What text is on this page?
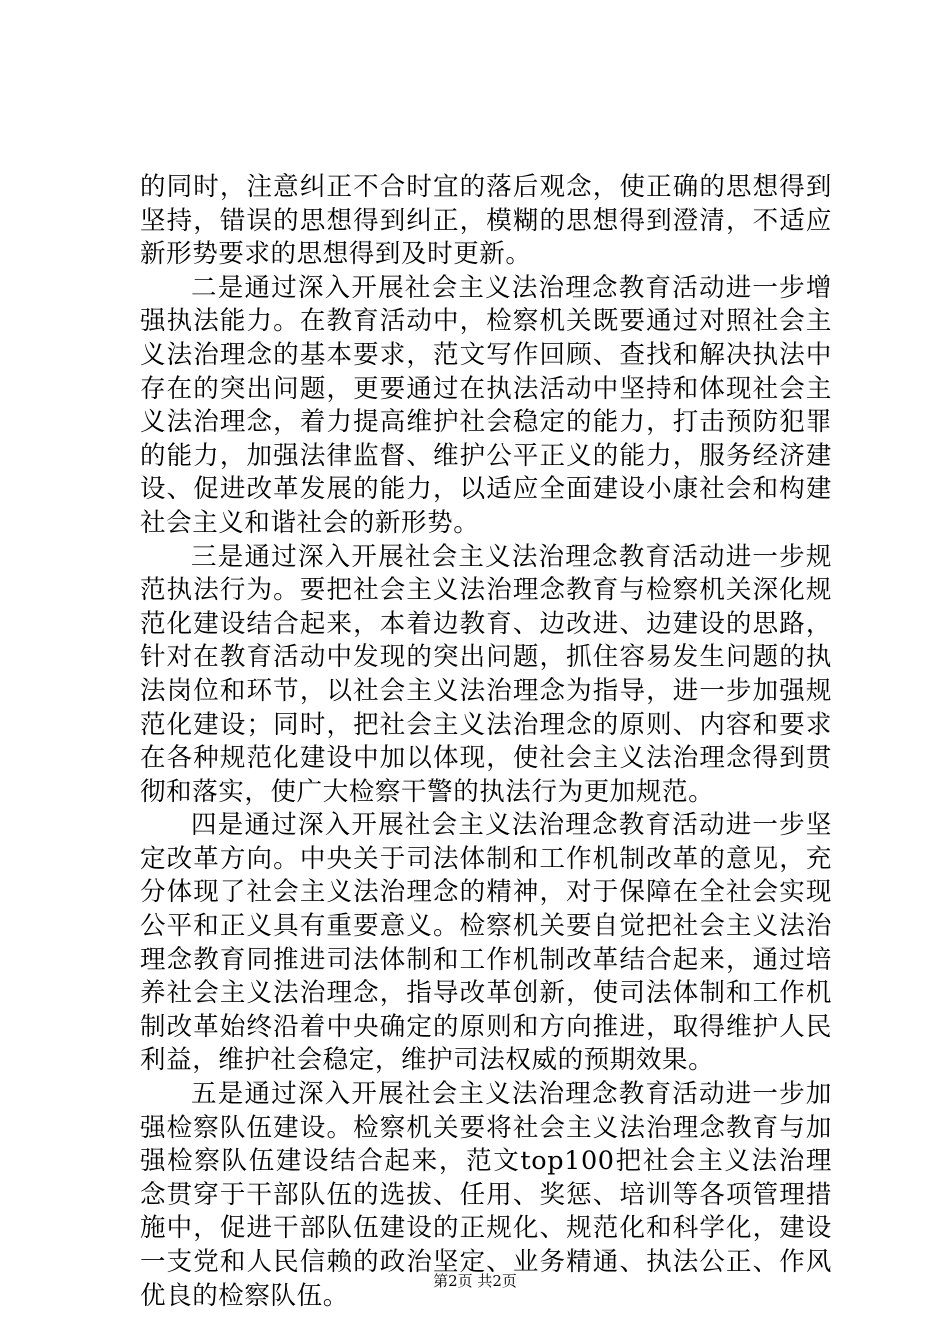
的同时，注意纠正不合时宜的落后观念，使正确的思想得到坚持，错误的思想得到纠正，模糊的思想得到澄清，不适应新形势要求的思想得到及时更新。

二是通过深入开展社会主义法治理念教育活动进一步增强执法能力。在教育活动中，检察机关既要通过对照社会主义法治理念的基本要求，范文写作回顾、查找和解决执法中存在的突出问题，更要通过在执法活动中坚持和体现社会主义法治理念，着力提高维护社会稳定的能力，打击预防犯罪的能力，加强法律监督、维护公平正义的能力，服务经济建设、促进改革发展的能力，以适应全面建设小康社会和构建社会主义和谐社会的新形势。

三是通过深入开展社会主义法治理念教育活动进一步规范执法行为。要把社会主义法治理念教育与检察机关深化规范化建设结合起来，本着边教育、边改进、边建设的思路，针对在教育活动中发现的突出问题，抓住容易发生问题的执法岗位和环节，以社会主义法治理念为指导，进一步加强规范化建设；同时，把社会主义法治理念的原则、内容和要求在各种规范化建设中加以体现，使社会主义法治理念得到贯彻和落实，使广大检察干警的执法行为更加规范。

四是通过深入开展社会主义法治理念教育活动进一步坚定改革方向。中央关于司法体制和工作机制改革的意见，充分体现了社会主义法治理念的精神，对于保障在全社会实现公平和正义具有重要意义。检察机关要自觉把社会主义法治理念教育同推进司法体制和工作机制改革结合起来，通过培养社会主义法治理念，指导改革创新，使司法体制和工作机制改革始终沿着中央确定的原则和方向推进，取得维护人民利益，维护社会稳定，维护司法权威的预期效果。

五是通过深入开展社会主义法治理念教育活动进一步加强检察队伍建设。检察机关要将社会主义法治理念教育与加强检察队伍建设结合起来，范文top100把社会主义法治理念贯穿于干部队伍的选拔、任用、奖惩、培训等各项管理措施中，促进干部队伍建设的正规化、规范化和科学化，建设一支党和人民信赖的政治坚定、业务精通、执法公正、作风优良的检察队伍。	第2页 共2页
